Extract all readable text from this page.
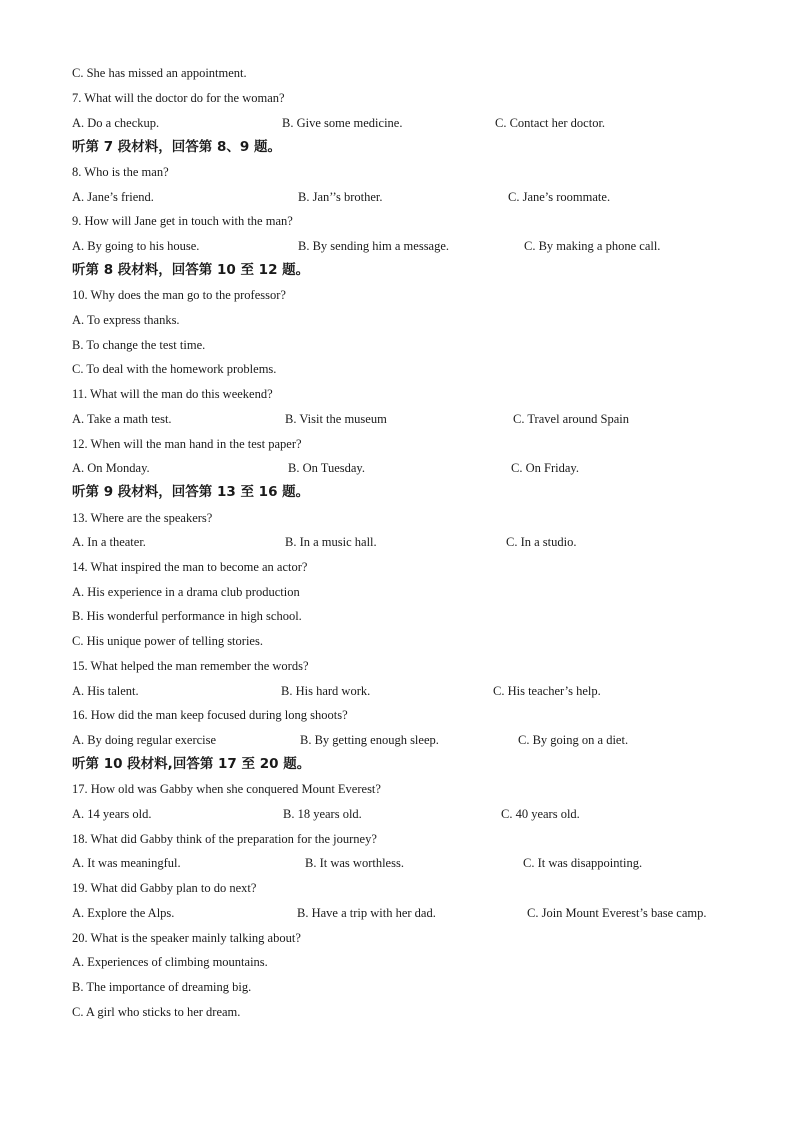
C. She has missed an appointment.
7. What will the doctor do for the woman?
A. Do a checkup.	B. Give some medicine.	C. Contact her doctor.
听第 7 段材料，回答第 8、9 题。
8. Who is the man?
A. Jane’s friend.	B. Jan’’s brother.	C. Jane’s roommate.
9. How will Jane get in touch with the man?
A. By going to his house.	B. By sending him a message.	C. By making a phone call.
听第 8 段材料，回答第 10 至 12 题。
10. Why does the man go to the professor?
A. To express thanks.
B. To change the test time.
C. To deal with the homework problems.
11. What will the man do this weekend?
A. Take a math test.	B. Visit the museum	C. Travel around Spain
12. When will the man hand in the test paper?
A. On Monday.	B. On Tuesday.	C. On Friday.
听第 9 段材料，回答第 13 至 16 题。
13. Where are the speakers?
A. In a theater.	B. In a music hall.	C. In a studio.
14. What inspired the man to become an actor?
A. His experience in a drama club production
B. His wonderful performance in high school.
C. His unique power of telling stories.
15. What helped the man remember the words?
A. His talent.	B. His hard work.	C. His teacher’s help.
16. How did the man keep focused during long shoots?
A. By doing regular exercise	B. By getting enough sleep.	C. By going on a diet.
听第 10 段材料,回答第 17 至 20 题。
17. How old was Gabby when she conquered Mount Everest?
A. 14 years old.	B. 18 years old.	C. 40 years old.
18. What did Gabby think of the preparation for the journey?
A. It was meaningful.	B. It was worthless.	C. It was disappointing.
19. What did Gabby plan to do next?
A. Explore the Alps.	B. Have a trip with her dad.	C. Join Mount Everest’s base camp.
20. What is the speaker mainly talking about?
A. Experiences of climbing mountains.
B. The importance of dreaming big.
C. A girl who sticks to her dream.
